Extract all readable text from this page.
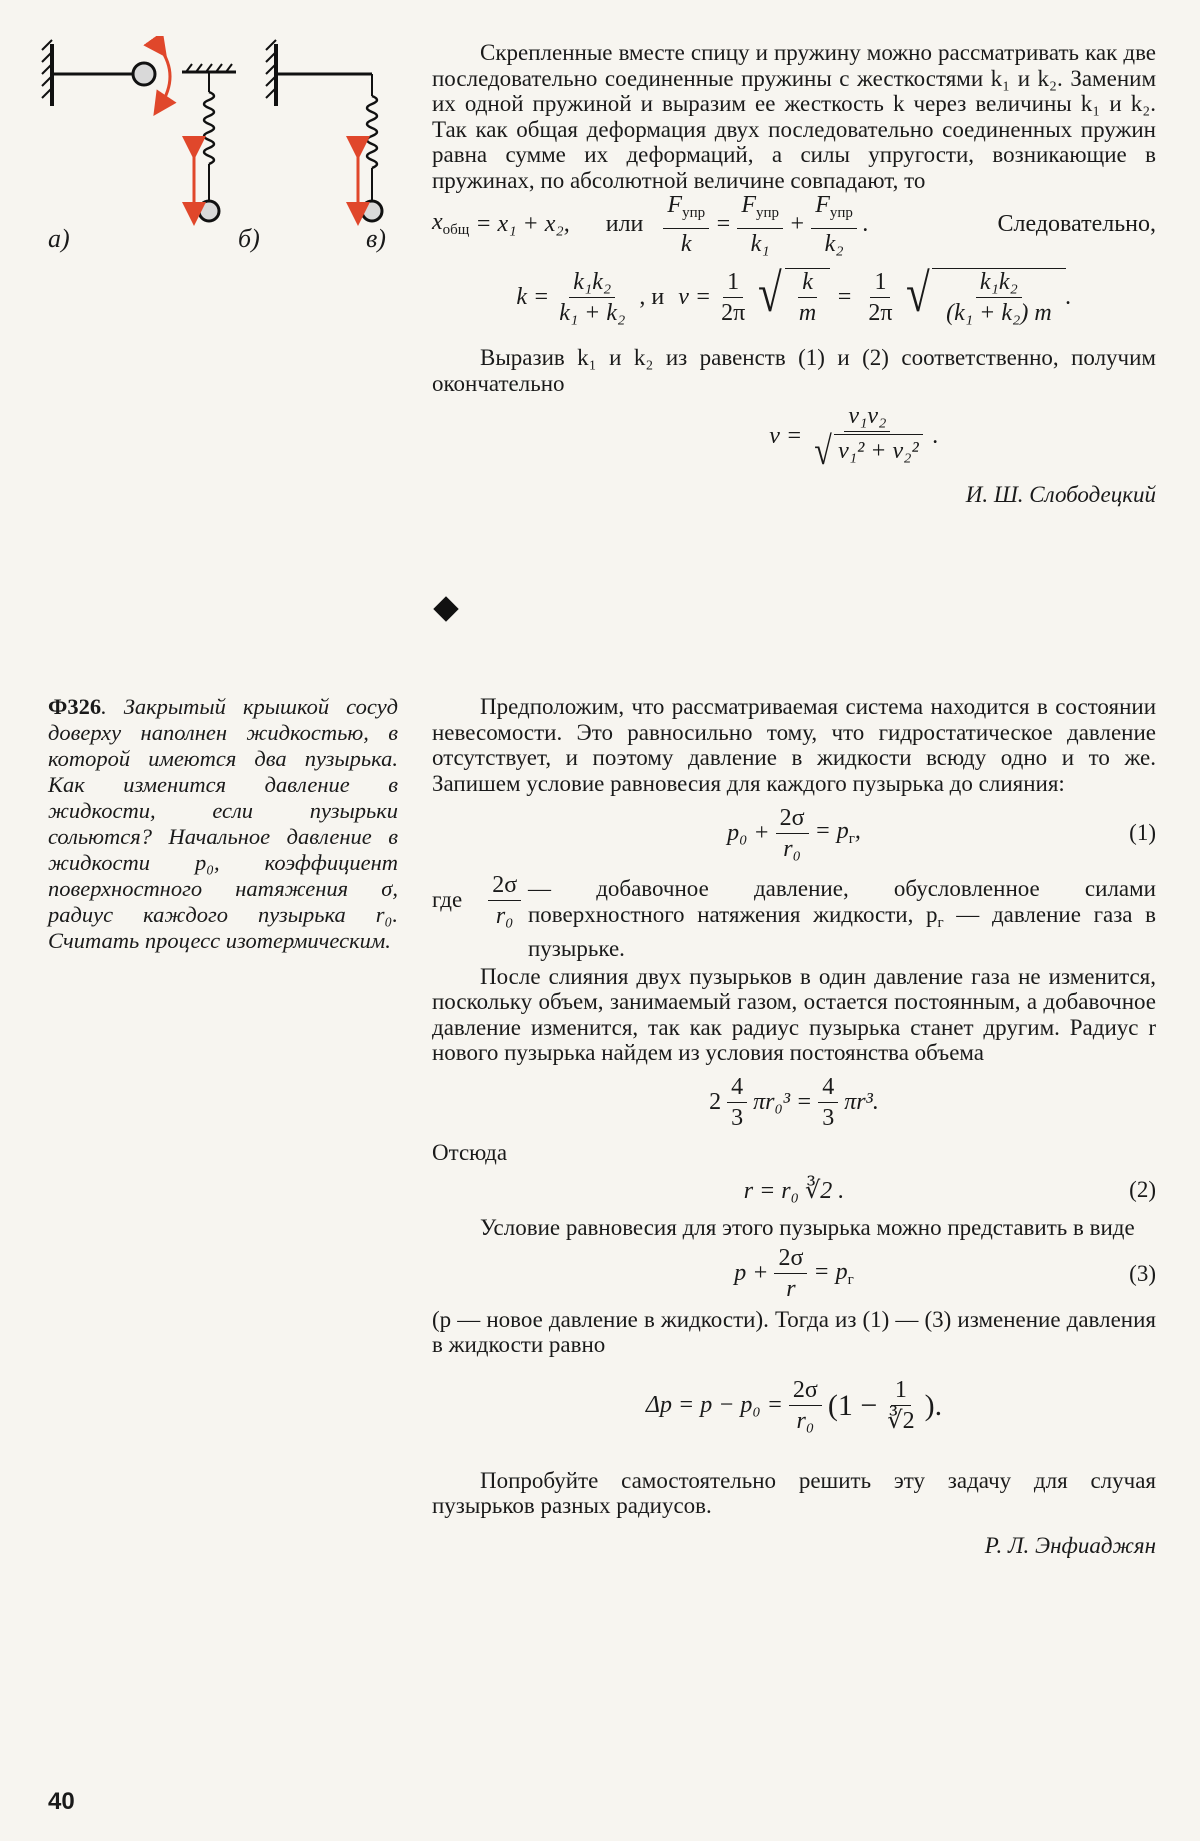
а)	б)	в)

Скрепленные вместе спицу и пружину можно рассматривать как две последовательно соединенные пружины с жесткостями k₁ и k₂. Заменим их одной пружиной и выразим ее жесткость k через величины k₁ и k₂. Так как общая деформация двух последовательно соединенных пружин равна сумме их деформаций, а силы упругости, возникающие в пружинах, по абсолютной величине совпадают, то

$x_{общ} = x_1 + x_2$, или $\frac{F_{упр}}{k} = \frac{F_{упр}}{\text{k₁}} + \frac{F_{упр}}{\text{k₂}}$ .	Следовательно,
$k = \frac{\text{k₁k₂}}{\text{k₁ + k₂}}$ , и $\nu = \frac{1}{2\pi}$ √ $\frac{k}{m} = \frac{1}{2\pi}$ √ $\frac{\text{k₁k₂}}{\text{(k₁ + k₂) m}}$ .

Выразив k₁ и k₂ из равенств (1) и (2) соответственно, получим окончательно

$\nu = \frac{\text{ν₁ν₂}}{\text{√ ν₁² + ν₂²}}$ .
И. Ш. Слободецкий
Ф326. Закрытый крышкой сосуд доверху наполнен жидкостью, в которой имеются два пузырька. Как изменится давление в жидкости, если пузырьки сольются? Начальное давление в жидкости p₀, коэффициент поверхностного натяжения σ, радиус каждого пузырька r₀. Считать процесс изотермическим.

Предположим, что рассматриваемая система находится в состоянии невесомости. Это равносильно тому, что гидростатическое давление отсутствует, и поэтому давление в жидкости всюду одно и то же. Запишем условие равновесия для каждого пузырька до слияния:

$p_0 + \frac{2\sigma}{\text{r₀}} = p_г$,	(1)
где $\frac{2\sigma}{\text{r₀}}$ — добавочное давление, обусловленное силами поверхностного натяжения жидкости, $p_г$ — давление газа в пузырьке.

После слияния двух пузырьков в один давление газа не изменится, поскольку объем, занимаемый газом, остается постоянным, а добавочное давление изменится, так как радиус пузырька станет другим. Радиус r нового пузырька найдем из условия постоянства объема

$2 \frac{4}{3} \pi r_0^3 = \frac{4}{3} \pi r^3$.

Отсюда

r = r₀ ∛2 .	(2)

Условие равновесия для этого пузырька можно представить в виде

$p + \frac{2\sigma}{r} = p_г$	(3)

(p — новое давление в жидкости). Тогда из (1) — (3) изменение давления в жидкости равно

$\Delta p = p - p_0 = \frac{2\sigma}{\text{r₀}} (1 - \frac{1}{∛2}$ ).

Попробуйте самостоятельно решить эту задачу для случая пузырьков разных радиусов.

Р. Л. Энфиаджян
40
